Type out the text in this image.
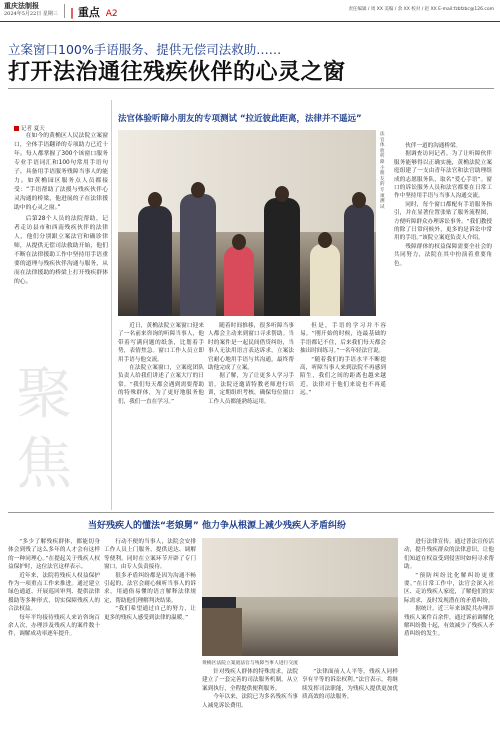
重庆法制报
2024年5月22日 星期三 | 重点 A2	责任编辑 / 周 XX 美编 / 余 XX 校对 / 赵 XX E-mail:fzbfzbc@126.com
立案窗口100%手语服务、提供无偿司法救助……
打开法治通往残疾伙伴的心灵之窗
记者 夏天

在如今的黄桷区人民法院立案窗口，全体手语翻译的专项助力已近十年。每人都掌握了300个该窗口服务专业手语词汇和100句常用手语句子。具备用手语服务残障当事人的能力。如黄桷园区服务点人员都接受：“手语帮助了法援与残疾伙伴心灵沟通的桥梁，他进展的子在法律援助中的心灵之窗。”

后第28个人员的法院帮助，记者走访县市和西南残疾伙伴的法律人，他们分别跟立案法官和确诊律师，从提供无偿司法救助开始，他们不断在法律援助工作中坚持用手语重要的道理与残疾伙伴沟通与服务，从而在法律援助的桥梁上打开残疾群体的心。

聚
焦
法官体验听障小朋友的专项测试 “拉近彼此距离，法律并不遥远”
法官体验听障小朋友的专项测试

伙伴一道的沟通桥梁。

据调查访问记者。为了让听障伙伴服务能够得以正确实施，黄桷法院立案庭组建了一支由青年法官和法官助理组成的志愿服务队，取名“爱心手语”。窗口的诉讼服务人员和法官都要在日常工作中坚持用手语与当事人沟通交流。

同时，每个窗口都配有手语服务指引，并在显著位置张贴了服务流程图，方便听障群众办理诉讼事务。“我们教授的除了日常问候外，更多的是诉讼中常用的手语。”该院立案庭负责人介绍。

残障群体的权益保障需要全社会的共同努力，法院在其中扮演着重要角色。

近日，黄桷法院立案窗口迎来了一名前来咨询的听障当事人，他带着写满问题的纸条，比划着手势，表情焦急。窗口工作人员立即用手语与他交流。

在法院立案窗口，立案庭团队负责人给我们讲述了立案大厅的日常。“我们每天都会遇到需要帮助的特殊群体，为了更好地服务他们，我们一直在学习。”

随着时间推移，很多听障当事人都会主动来到窗口寻求帮助。当时的案件是一起民间借贷纠纷，当事人无法用语言表达诉求，立案法官耐心地用手语与其沟通，最终帮助他完成了立案。

据了解，为了让更多人学习手语，法院还邀请特教老师进行培训，定期组织考核，确保每位窗口工作人员都能熟练运用。

但是，手语的学习并不容易。“刚开始的时候，连最基础的手语都记不住，后来我们每天都会抽出时间练习。”一名年轻法官说。

“随着我们的手语水平不断提高，听障当事人来到法院不再感到陌生，我们之间的距离也越来越近。法律对于他们来说也不再遥远。”

当好残疾人的懂法“老娘舅” 他力争从根源上减少残疾人矛盾纠纷

“多少了解残疾群体，都能切身体会到残了这么多年的人才会有这样的一种同理心。”在提起关于残疾人权益保护时，这位法官这样表示。

近年来，法院将残疾人权益保护作为一项重点工作来推进。通过建立绿色通道、开展巡回审判、提供法律援助等多种形式，切实保障残疾人的合法权益。

每年平均接待残疾人来访咨询百余人次，办理涉及残疾人的案件数十件，调解成功率逐年提升。

行动不便的当事人，法院会安排工作人员上门服务，提供送达、调解等便利。同时在立案环节开辟了专门窗口，由专人负责接待。

很多矛盾纠纷都是因为沟通不畅引起的，法官会耐心倾听当事人的诉求，用通俗易懂的语言解释法律规定，帮助他们理解判决结果。

“我们希望通过自己的努力，让更多的残疾人感受到法律的温暖。”

黄桷区法院立案庭法官与残障当事人进行交流

针对残疾人群体的特殊需求，法院建立了一套完善的司法服务机制，从立案到执行，全程提供便利服务。

今年以来，法院已为多名残疾当事人减免诉讼费用。

“法律面前人人平等，残疾人同样享有平等的诉讼权利。”法官表示，将继续发挥司法职能，为残疾人提供更加优质高效的司法服务。

进行法律宣传。通过普法宣传活动，提升残疾群众的法律意识，让他们知道在权益受到侵害时如何寻求帮助。

“预防纠纷比化解纠纷更重要。”在日常工作中，法官会深入社区、走访残疾人家庭，了解他们的实际需求，及时发现潜在的矛盾纠纷。

据统计，近三年来该院共办理涉残疾人案件百余件，通过诉前调解化解纠纷数十起，有效减少了残疾人矛盾纠纷的发生。
